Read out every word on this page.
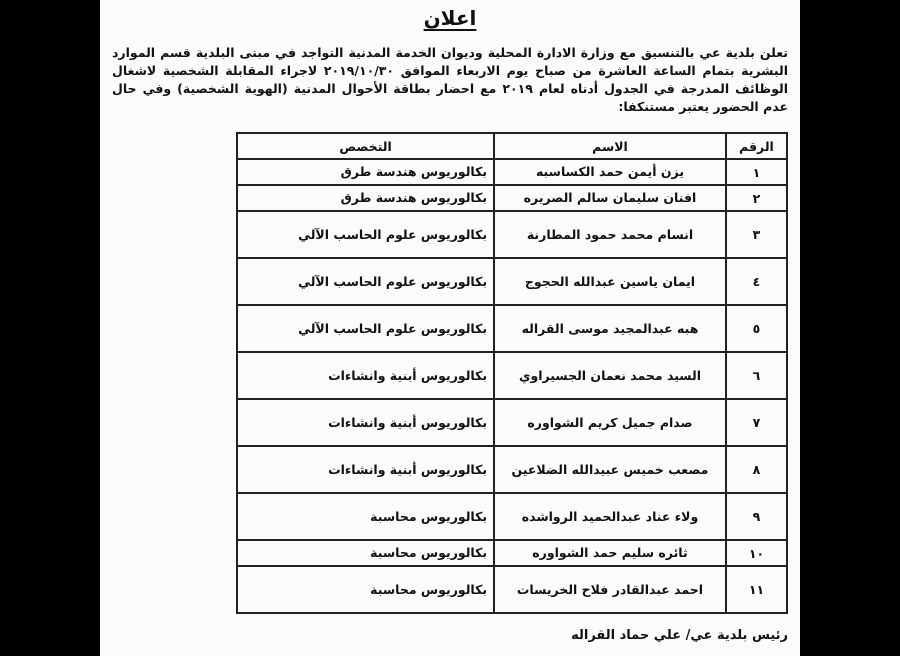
اعلان
تعلن بلدية عي بالتنسيق مع وزارة الادارة المحلية وديوان الخدمة المدنية التواجد في مبنى البلدية قسم الموارد البشرية بتمام الساعة العاشرة من صباح يوم الاربعاء الموافق ٢٠١٩/١٠/٣٠ لاجراء المقابلة الشخصية لاشغال الوظائف المدرجة في الجدول أدناه لعام ٢٠١٩ مع احضار بطاقة الأحوال المدنية (الهوية الشخصية) وفي حال عدم الحضور يعتبر مستنكفا:
الرقم	الاسم	التخصص
١	يزن أيمن حمد الكساسبه	بكالوريوس هندسة طرق
٢	افنان سليمان سالم الصريره	بكالوريوس هندسة طرق
٣	انسام محمد حمود المطارنة	بكالوريوس علوم الحاسب الآلي
٤	ايمان ياسين عبدالله الحجوج	بكالوريوس علوم الحاسب الآلي
٥	هبه عبدالمجيد موسى القراله	بكالوريوس علوم الحاسب الآلي
٦	السيد محمد نعمان الجسيراوي	بكالوريوس أبنية وانشاءات
٧	صدام جميل كريم الشواوره	بكالوريوس أبنية وانشاءات
٨	مصعب خميس عبيدالله الضلاعين	بكالوريوس أبنية وانشاءات
٩	ولاء عناد عبدالحميد الرواشده	بكالوريوس محاسبة
١٠	ثائره سليم حمد الشواوره	بكالوريوس محاسبة
١١	احمد عبدالقادر فلاح الخريسات	بكالوريوس محاسبة
رئيس بلدية عي/ علي حماد القراله
